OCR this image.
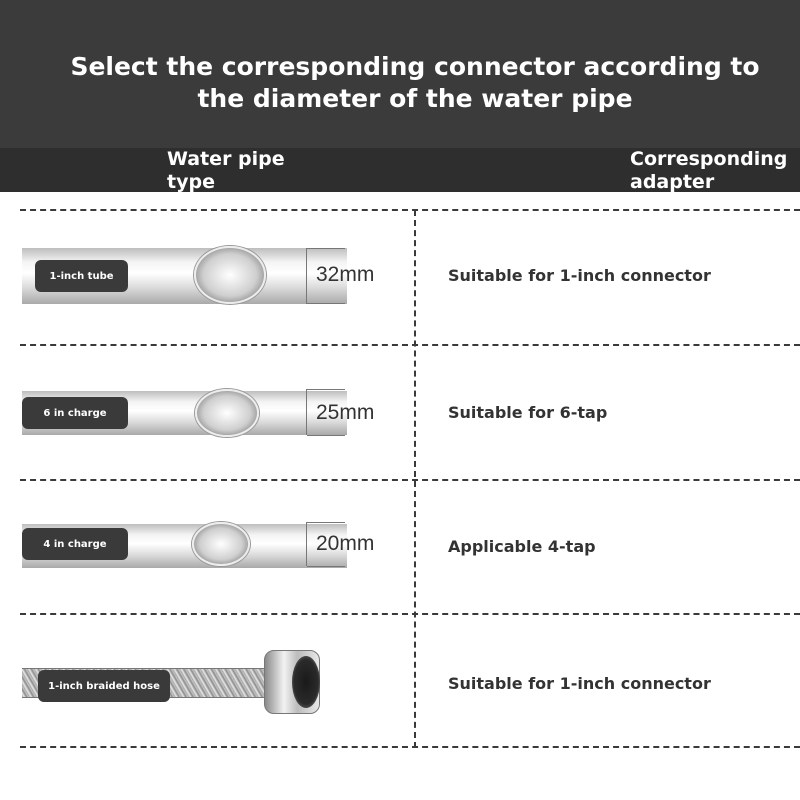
Select the corresponding connector according to the diameter of the water pipe
Water pipe type
Corresponding adapter
1-inch tube	32mm	Suitable for 1-inch connector
6 in charge	25mm	Suitable for 6-tap
4 in charge	20mm	Applicable 4-tap
1-inch braided hose	Suitable for 1-inch connector
